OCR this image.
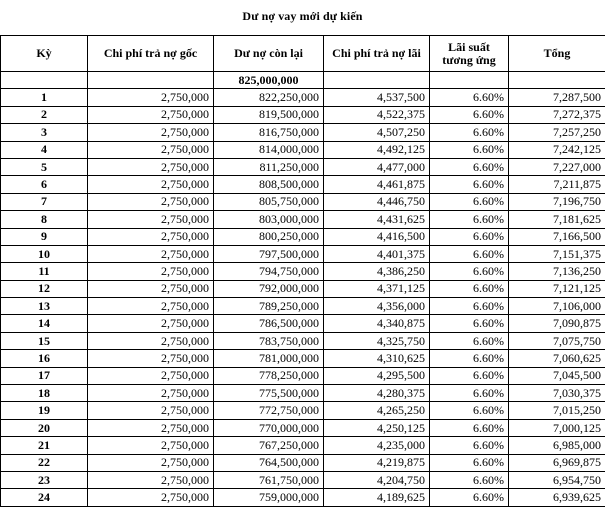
Dư nợ vay mới dự kiến
Kỳ	Chi phí trả nợ gốc	Dư nợ còn lại	Chi phí trả nợ lãi	Lãi suất tương ứng	Tổng
		825,000,000			
1	2,750,000	822,250,000	4,537,500	6.60%	7,287,500
2	2,750,000	819,500,000	4,522,375	6.60%	7,272,375
3	2,750,000	816,750,000	4,507,250	6.60%	7,257,250
4	2,750,000	814,000,000	4,492,125	6.60%	7,242,125
5	2,750,000	811,250,000	4,477,000	6.60%	7,227,000
6	2,750,000	808,500,000	4,461,875	6.60%	7,211,875
7	2,750,000	805,750,000	4,446,750	6.60%	7,196,750
8	2,750,000	803,000,000	4,431,625	6.60%	7,181,625
9	2,750,000	800,250,000	4,416,500	6.60%	7,166,500
10	2,750,000	797,500,000	4,401,375	6.60%	7,151,375
11	2,750,000	794,750,000	4,386,250	6.60%	7,136,250
12	2,750,000	792,000,000	4,371,125	6.60%	7,121,125
13	2,750,000	789,250,000	4,356,000	6.60%	7,106,000
14	2,750,000	786,500,000	4,340,875	6.60%	7,090,875
15	2,750,000	783,750,000	4,325,750	6.60%	7,075,750
16	2,750,000	781,000,000	4,310,625	6.60%	7,060,625
17	2,750,000	778,250,000	4,295,500	6.60%	7,045,500
18	2,750,000	775,500,000	4,280,375	6.60%	7,030,375
19	2,750,000	772,750,000	4,265,250	6.60%	7,015,250
20	2,750,000	770,000,000	4,250,125	6.60%	7,000,125
21	2,750,000	767,250,000	4,235,000	6.60%	6,985,000
22	2,750,000	764,500,000	4,219,875	6.60%	6,969,875
23	2,750,000	761,750,000	4,204,750	6.60%	6,954,750
24	2,750,000	759,000,000	4,189,625	6.60%	6,939,625
